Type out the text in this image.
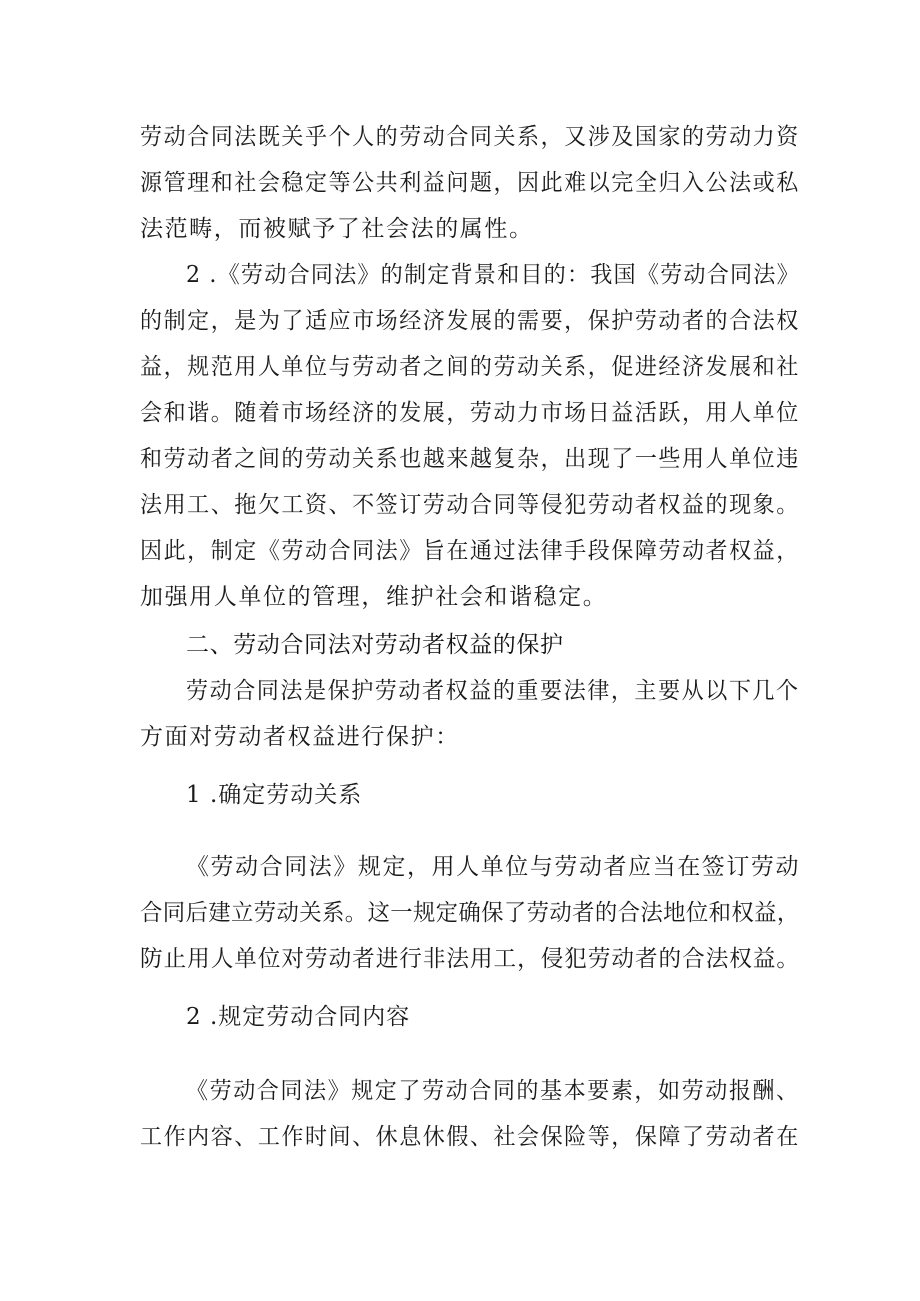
劳动合同法既关乎个人的劳动合同关系，又涉及国家的劳动力资
源管理和社会稳定等公共利益问题，因此难以完全归入公法或私
法范畴，而被赋予了社会法的属性。
2 .《劳动合同法》的制定背景和目的：我国《劳动合同法》
的制定，是为了适应市场经济发展的需要，保护劳动者的合法权
益，规范用人单位与劳动者之间的劳动关系，促进经济发展和社
会和谐。随着市场经济的发展，劳动力市场日益活跃，用人单位
和劳动者之间的劳动关系也越来越复杂，出现了一些用人单位违
法用工、拖欠工资、不签订劳动合同等侵犯劳动者权益的现象。
因此，制定《劳动合同法》旨在通过法律手段保障劳动者权益，
加强用人单位的管理，维护社会和谐稳定。
二、劳动合同法对劳动者权益的保护
劳动合同法是保护劳动者权益的重要法律，主要从以下几个
方面对劳动者权益进行保护：
1 .确定劳动关系
《劳动合同法》规定，用人单位与劳动者应当在签订劳动
合同后建立劳动关系。这一规定确保了劳动者的合法地位和权益，
防止用人单位对劳动者进行非法用工，侵犯劳动者的合法权益。
2 .规定劳动合同内容
《劳动合同法》规定了劳动合同的基本要素，如劳动报酬、
工作内容、工作时间、休息休假、社会保险等，保障了劳动者在
